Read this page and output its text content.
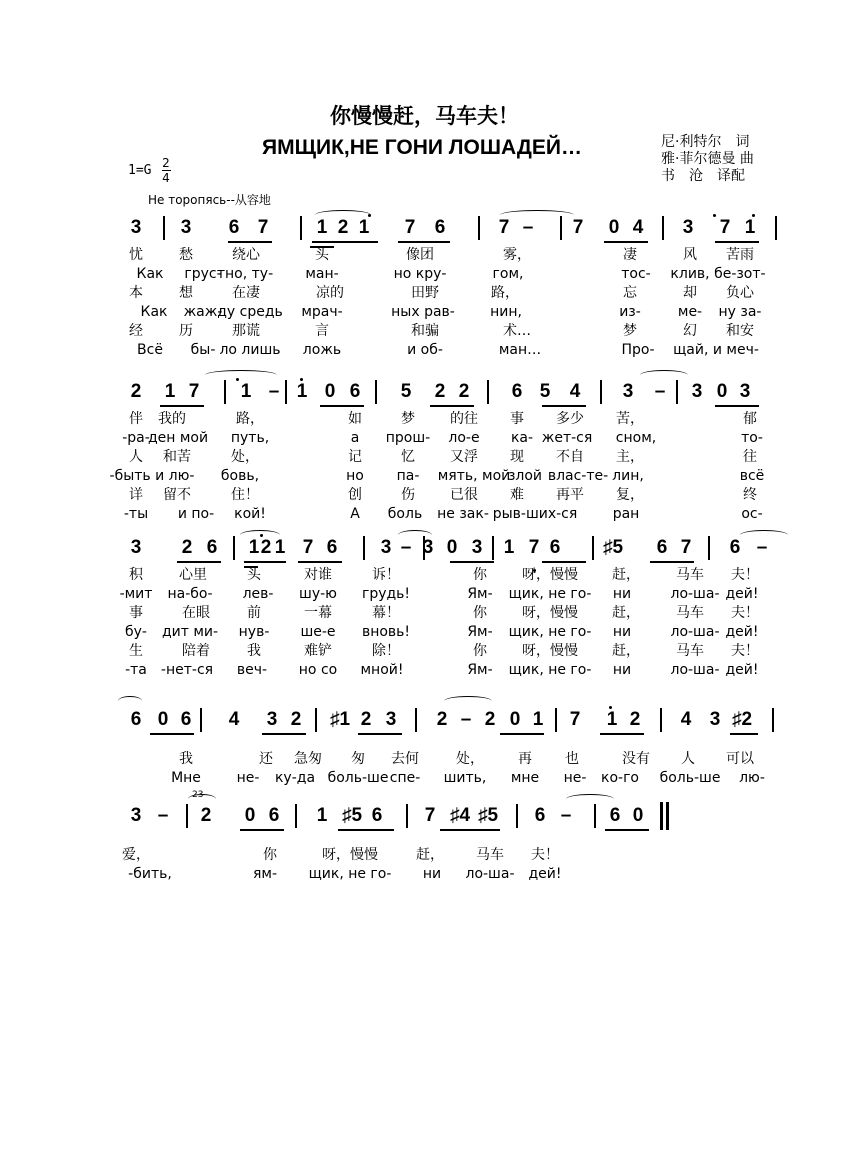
你慢慢赶，马车夫！
ЯМЩИК,НЕ ГОНИ ЛОШАДЕЙ…	尼·利特尔　词
雅·菲尔德曼 曲
书　沧　译配
1=G 2
4
Не торопясь--从容地
3 3 6 7	1 2 1 7 6	7 – 7 0 4 3 7 1
忧	愁	绕心	头	像团	雾，	凄	风 苦雨
Как грус-
тно, ту- ман-	но кру-	гом,	тос- клив, бе-зот-
本	想	在凄	凉的	田野	路，	忘	却 负心
Как жаж-
ду средь мрач-	ных рав-	нин,	из-	ме- ну за-
经	历	那谎	言	和骗	术…	梦	幻 和安
Всё бы- ло лишь ложь	и об-	ман…	Про- щай, и меч-
2 1 7 1 – 1 0 6 5 2 2 6 5 4 3 – 3 0 3
伴 我的	路，	如	梦	的往 事 多少 苦，	郁
-ра-
ден мой путь,	а прош- ло-е ка- жет-ся сном,	то-
人 和苦	处，	记	忆	又浮 现 不自 主，	往
-быть и лю- бовь,	но па- мять, мой
злой влас-те- лин,	всё
详 留不	住！	创	伤	已很 难 再平 复，	终
-ты и по- кой!	А боль не зак- рыв-ших-ся	ран	ос-
3 2 6 1 2 1 7 6 3 – 3 0 3 1 7 6 ♯5 6 7 6 –
积	心里	头	对谁	诉！	你	呀，慢慢 赶，	马车 夫！
-мит на-бо- лев- шу-ю грудь!	Ям- щик, не го- ни	ло-ша- дей!
事	在眼	前	一幕	幕！	你	呀，慢慢 赶，	马车 夫！
бу- дит ми- нув- ше-е вновь!	Ям- щик, не го- ни	ло-ша- дей!
生	陪着	我	难铲	除！	你	呀，慢慢 赶，	马车 夫！
-та -нет-ся веч- но со мной!	Ям- щик, не го- ни	ло-ша- дей!
6 0 6 4 3 2 ♯1 2 3 2 – 2 0 1 7 1 2 4 3 ♯2
我	还 急匆 匆 去何	处， 再 也	没有 人 可以
Мне	не- ку-да боль-ше спе- шить, мне не- ко-го боль-ше лю-
23
3 – 2 0 6 1 ♯5 6 7 ♯4 ♯5 6 – 6 0
爱，	你	呀，慢慢	赶， 马车 夫！
-бить,	ям- щик, не го- ни ло-ша- дей!
